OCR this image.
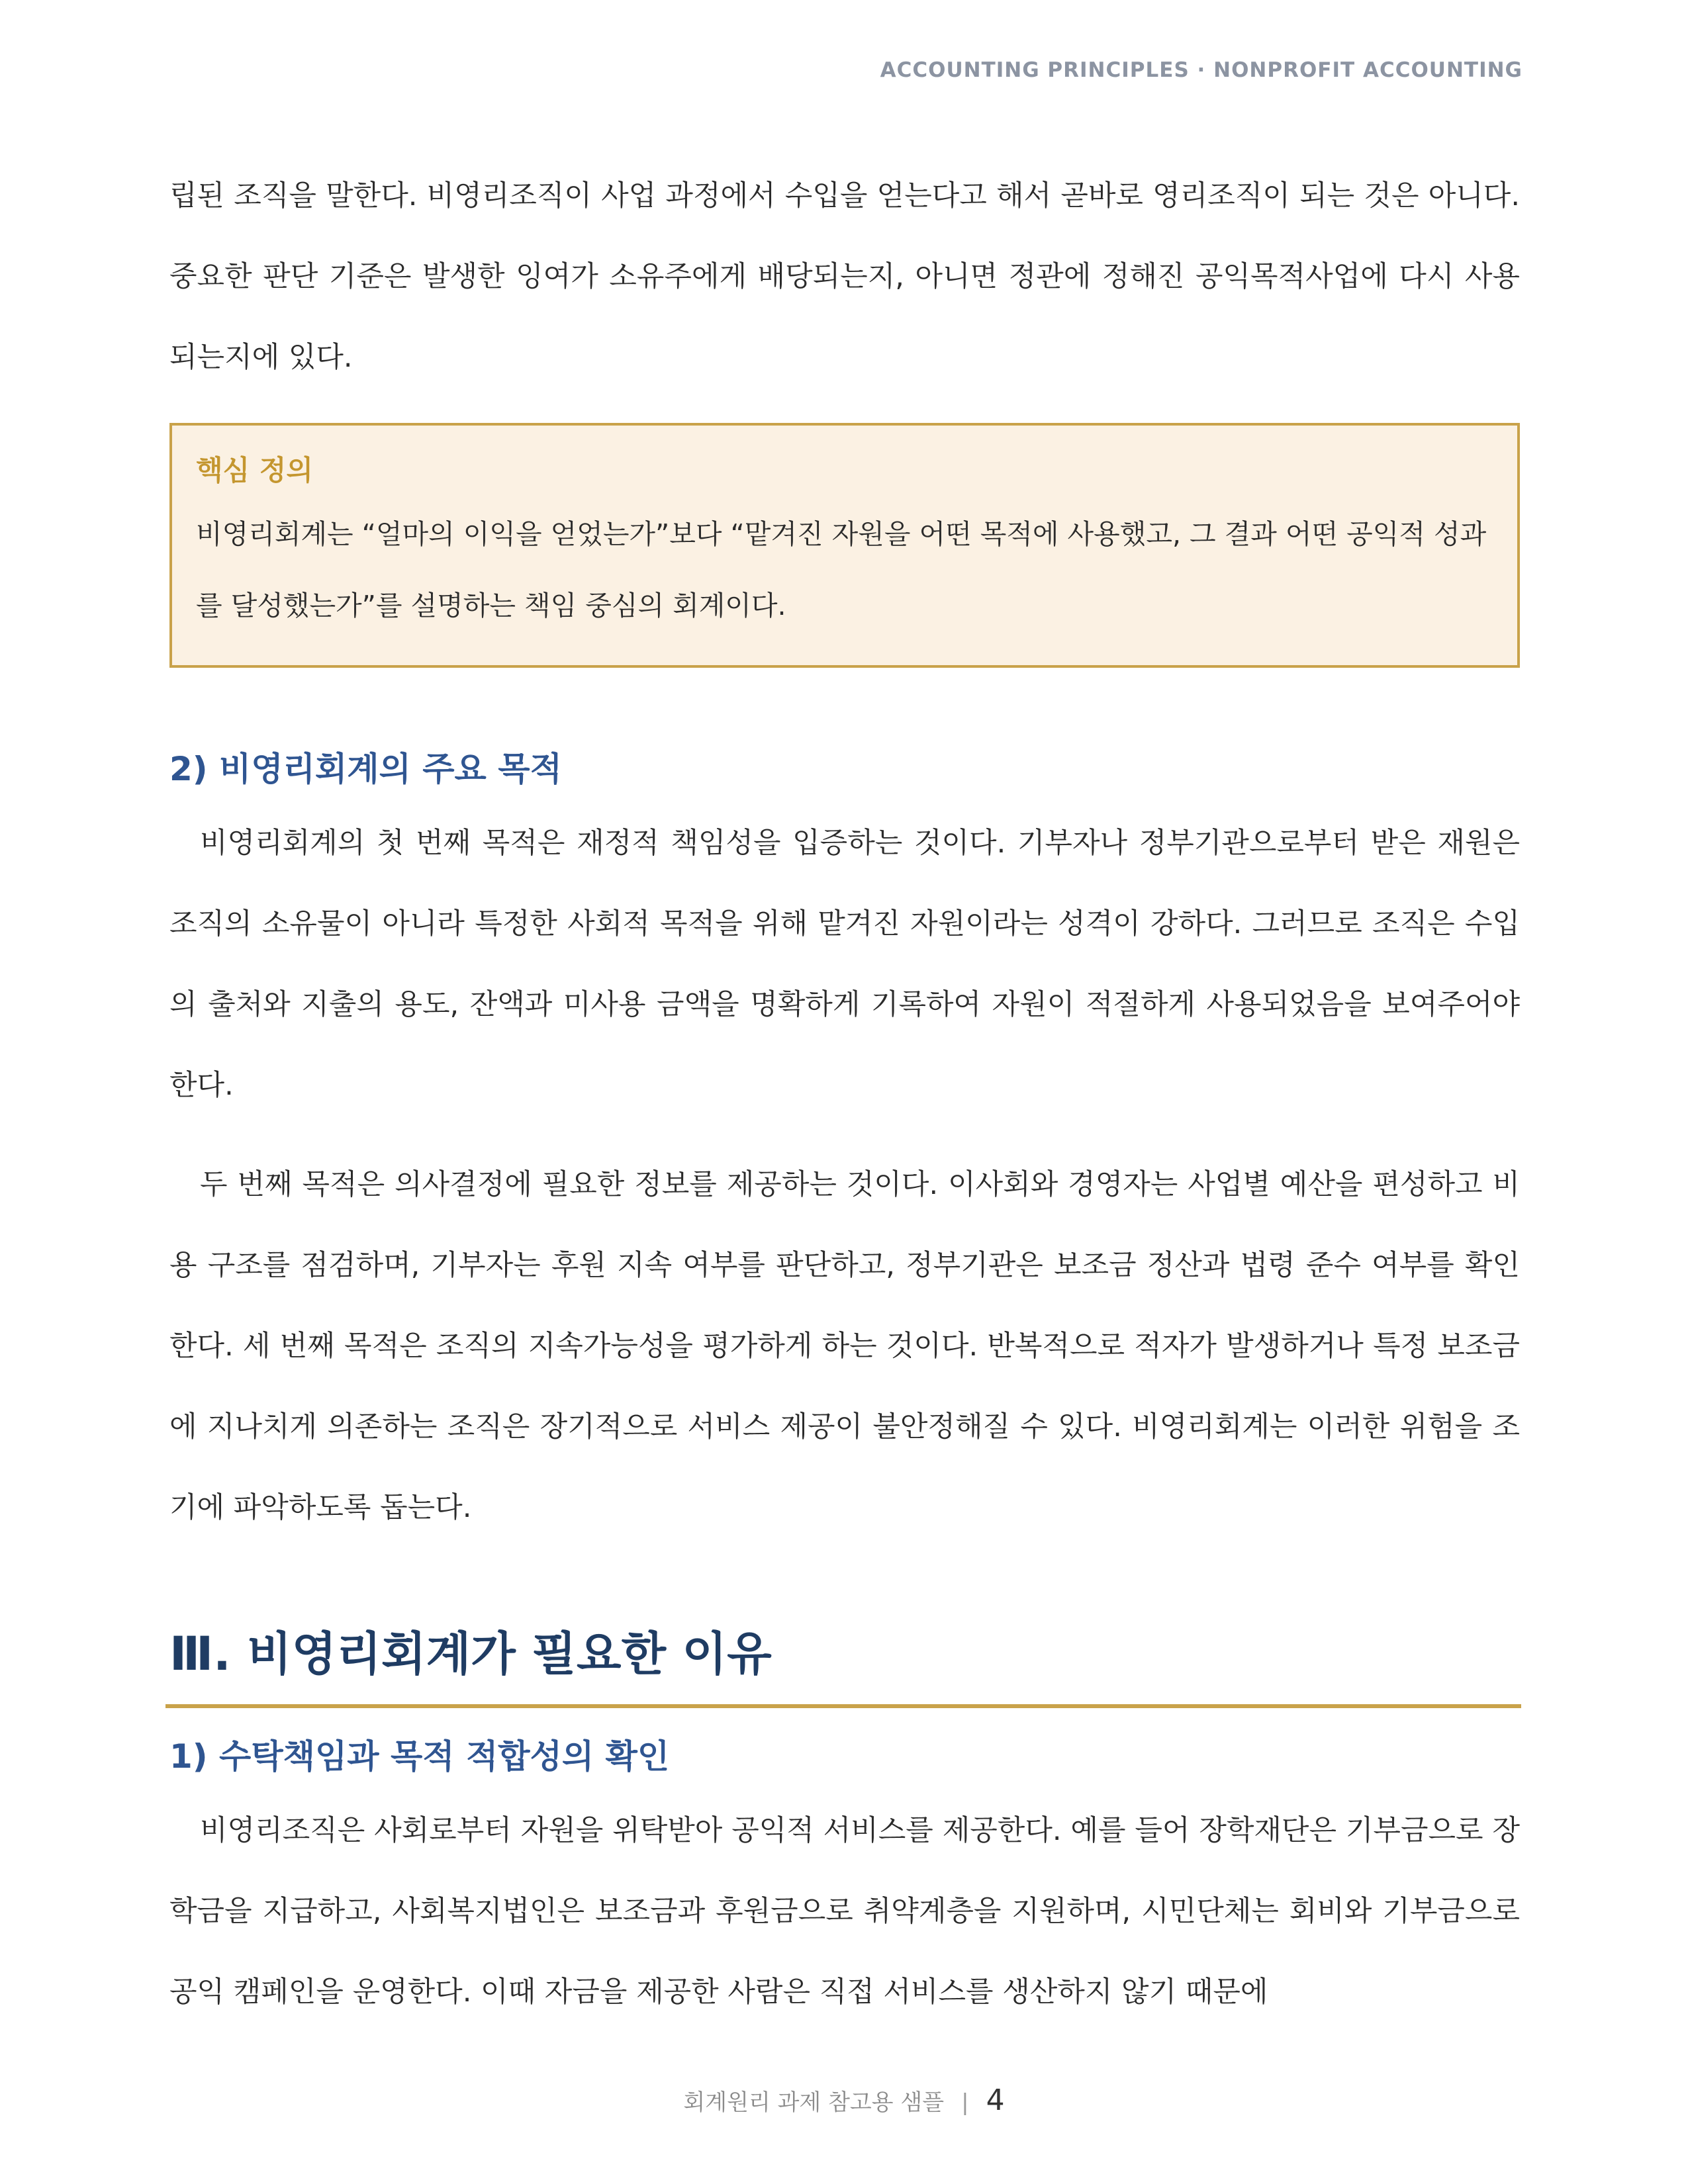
ACCOUNTING PRINCIPLES · NONPROFIT ACCOUNTING

립된 조직을 말한다. 비영리조직이 사업 과정에서 수입을 얻는다고 해서 곧바로 영리조직이 되는 것은 아니다. 중요한 판단 기준은 발생한 잉여가 소유주에게 배당되는지, 아니면 정관에 정해진 공익목적사업에 다시 사용되는지에 있다.

핵심 정의

비영리회계는 “얼마의 이익을 얻었는가”보다 “맡겨진 자원을 어떤 목적에 사용했고, 그 결과 어떤 공익적 성과를 달성했는가”를 설명하는 책임 중심의 회계이다.

2) 비영리회계의 주요 목적

비영리회계의 첫 번째 목적은 재정적 책임성을 입증하는 것이다. 기부자나 정부기관으로부터 받은 재원은 조직의 소유물이 아니라 특정한 사회적 목적을 위해 맡겨진 자원이라는 성격이 강하다. 그러므로 조직은 수입의 출처와 지출의 용도, 잔액과 미사용 금액을 명확하게 기록하여 자원이 적절하게 사용되었음을 보여주어야 한다.

두 번째 목적은 의사결정에 필요한 정보를 제공하는 것이다. 이사회와 경영자는 사업별 예산을 편성하고 비용 구조를 점검하며, 기부자는 후원 지속 여부를 판단하고, 정부기관은 보조금 정산과 법령 준수 여부를 확인한다. 세 번째 목적은 조직의 지속가능성을 평가하게 하는 것이다. 반복적으로 적자가 발생하거나 특정 보조금에 지나치게 의존하는 조직은 장기적으로 서비스 제공이 불안정해질 수 있다. 비영리회계는 이러한 위험을 조기에 파악하도록 돕는다.

Ⅲ. 비영리회계가 필요한 이유
1) 수탁책임과 목적 적합성의 확인

비영리조직은 사회로부터 자원을 위탁받아 공익적 서비스를 제공한다. 예를 들어 장학재단은 기부금으로 장학금을 지급하고, 사회복지법인은 보조금과 후원금으로 취약계층을 지원하며, 시민단체는 회비와 기부금으로 공익 캠페인을 운영한다. 이때 자금을 제공한 사람은 직접 서비스를 생산하지 않기 때문에

회계원리 과제 참고용 샘플 | 4
